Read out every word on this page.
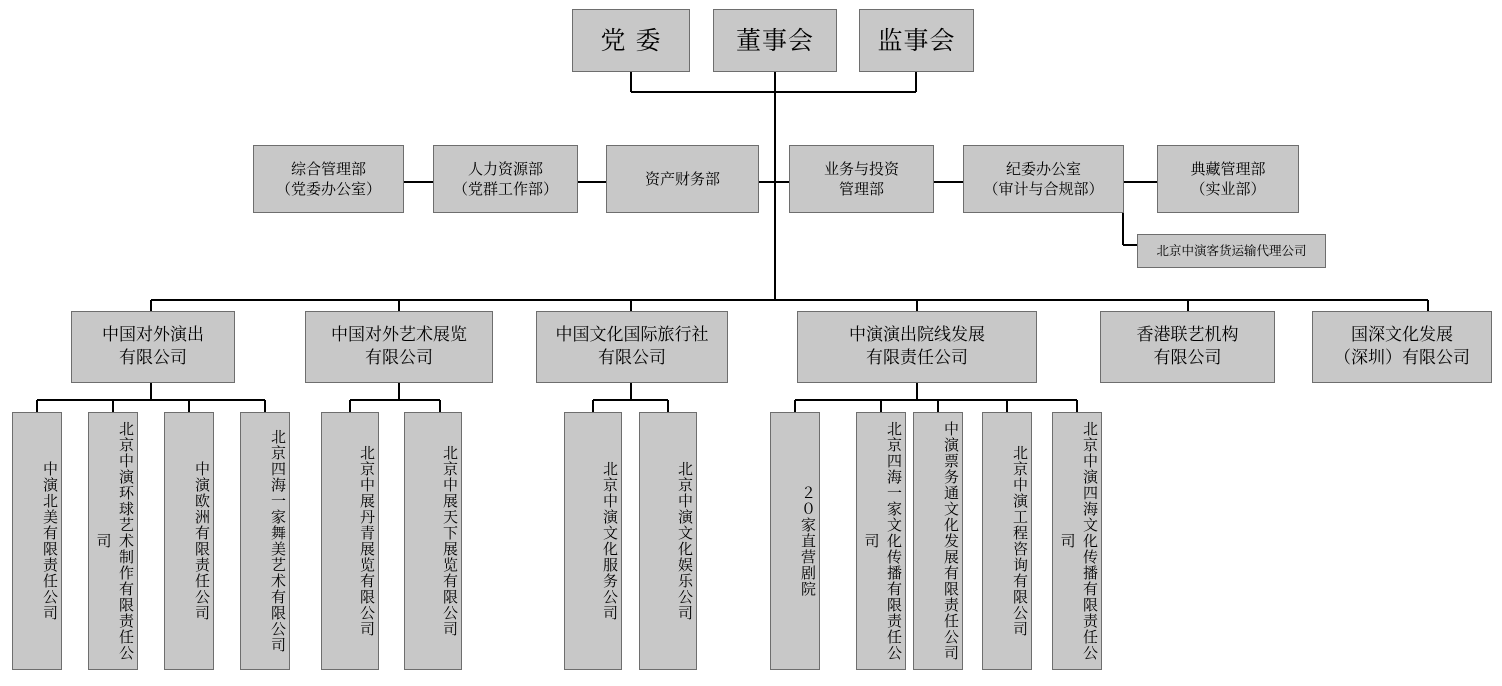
党 委	董事会	监事会
综合管理部
（党委办公室）
人力资源部
（党群工作部）
资产财务部
业务与投资
管理部
纪委办公室
（审计与合规部）
典藏管理部
（实业部）
北京中演客货运输代理公司
中国对外演出
有限公司
中国对外艺术展览
有限公司
中国文化国际旅行社
有限公司
中演演出院线发展
有限责任公司
香港联艺机构
有限公司
国深文化发展
（深圳）有限公司
中演北美有限责任公司	北京中演环球艺术制作有限责任公司	中演欧洲有限责任公司	北京四海一家舞美艺术有限公司	北京中展丹青展览有限公司	北京中展天下展览有限公司	北京中演文化服务公司	北京中演文化娱乐公司	２０家直营剧院	北京四海一家文化传播有限责任公司	中演票务通文化发展有限责任公司	北京中演工程咨询有限公司	北京中演四海文化传播有限责任公司
